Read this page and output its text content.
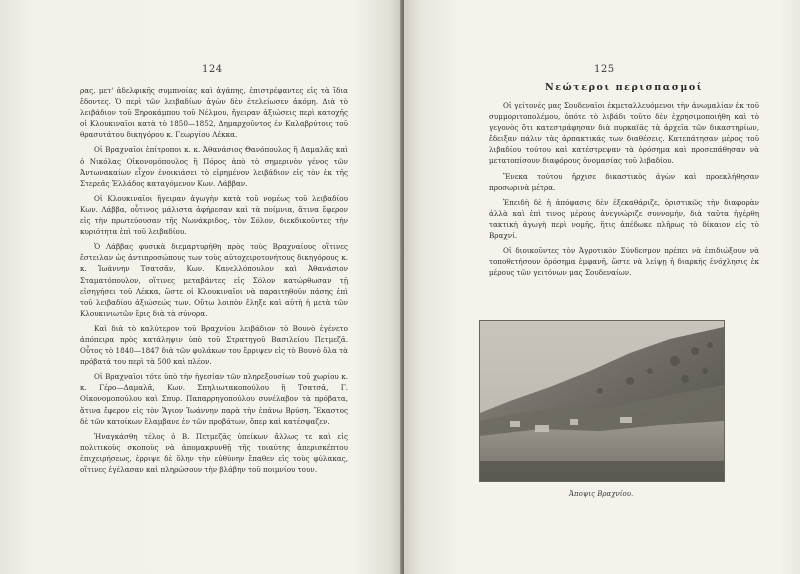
124

ρας, μετ' ἀδελφικῆς συμπνοίας καὶ ἀγάπης, ἐπιστρέφαντες εἰς τὰ ἴδια ἔδοντες. Ὁ περὶ τῶν λειβαδίων ἀγὼν δὲν ἐτελείωσεν ἀκόμη. Διὰ τὸ λειβάδιον τοῦ Ξηροκάμπου τοῦ Νέλμου, ἤγειραν ἀξιώσεις περὶ κατοχῆς οἱ Κλουκιναῖοι κατὰ τὸ 1850—1852, Δημαρχοῦντος ἐν Καλαβρύτοις τοῦ θρασυτάτου δικηγόρου κ. Γεωργίου Λέκκα.

Οἱ Βραχναῖοι ἐπίτροποι κ. κ. Ἀθανάσιος Θανόπουλος ἢ Δαμαλᾶς καὶ ὁ Νικόλας Οἰκονομόπουλος ἢ Πόρος ἀπὸ τὸ σημερινὸν γένος τῶν Ἀντωνακαίων εἶχον ἐνοικιάσει τὸ εἰρημένον λειβάδιον εἰς τὸν ἐκ τῆς Στερεᾶς Ἑλλάδος καταγόμενον Κων. Λάββαν.

Οἱ Κλουκιναῖοι ἤγειραν ἀγωγὴν κατὰ τοῦ νομέως τοῦ λειβαδίου Κων. Λάββα, οὗτινος μάλιστα ἀφήρεσαν καὶ τὰ ποίμνια, ἅτινα ἔφερον εἰς τὴν πρωτεύουσαν τῆς Νωνάκριδος, τὸν Σόλον, διεκδικοῦντες τὴν κυριότητα ἐπὶ τοῦ λειβαδίου.

Ὁ Λάββας φυσικὰ διεμαρτυρήθη πρὸς τοὺς Βραχναίους οἵτινες ἔστειλαν ὡς ἀντιπροσώπους των τοὺς αὐτοχειροτονήτους δικηγόρους κ. κ. Ἰωάννην Τσατσᾶν, Κων. Κανελλόπουλον καὶ Ἀθανάσιον Σταματόπουλον, οἵτινες μεταβάντες εἰς Σόλον κατώρθωσαν τῇ εἰσηγήσει τοῦ Λέκκα, ὥστε οἱ Κλουκιναῖοι νὰ παραιτηθοῦν πάσης ἐπὶ τοῦ λειβαδίου ἀξιώσεώς των. Οὕτω λοιπὸν ἔληξε καὶ αὐτὴ ἡ μετὰ τῶν Κλουκινιωτῶν ἔρις διὰ τὰ σύνορα.

Καὶ διὰ τὸ καλύτερον τοῦ Βραχνίου λειβάδιον τὸ Βουνὸ ἐγένετο ἀπόπειρα πρὸς κατάληψιν ὑπὸ τοῦ Στρατηγοῦ Βασιλείου Πετμεζᾶ. Οὗτος τὸ 1840—1847 διὰ τῶν φυλάκων του ἔρριψεν εἰς τὸ Βουνὸ ὅλα τὰ πρόβατά του περὶ τὰ 500 καὶ πλέον.

Οἱ Βραχναῖοι τότε ὑπὸ τὴν ἡγεσίαν τῶν πληρεξουσίων τοῦ χωρίου κ. κ. Γέρο—Δαμαλᾶ, Κων. Σπηλιωτακοπούλου ἢ Τσατσᾶ, Γ. Οἰκονομοπούλου καὶ Σπυρ. Παπαρρηγοπούλου συνέλαβον τὰ πρόβατα, ἅτινα ἔφερον εἰς τὸν Ἅγιον Ἰωάννην παρὰ τὴν ἐπάνω Βρύση. Ἕκαστος δὲ τῶν κατοίκων ἔλαμβανε ἐν τῶν προβάτων, ὅπερ καὶ κατέσφαζεν.

Ἠναγκάσθη τέλος ὁ Β. Πετμεζᾶς ὑπείκων ἄλλως τε καὶ εἰς πολιτικοὺς σκοποὺς νὰ ἀπομακρυνθῇ τῆς τοιαύτης ἀπερισκέπτου ἐπιχειρήσεως, ἐρριψε δὲ ὅλην τὴν εὐθύνην ἔπαθεν εἰς τοὺς φύλακας, οἵτινες ἐγέλασαν καὶ πληρώσουν τὴν βλάβην τοῦ ποιμνίου τουν.

125
Νεώτεροι περισπασμοί

Οἱ γείτονές μας Σουδεναῖοι ἐκμεταλλευόμενοι τὴν ἀνωμαλίαν ἐκ τοῦ συμμοριτοπολέμου, ὁπότε τὸ λιβάδι τοῦτο δὲν ἐχρησιμοποιήθη καὶ τὸ γεγονὸς ὅτι κατεστράφησαν διὰ πυρκαϊᾶς τὰ ἀρχεῖα τῶν δικαστηρίων, ἔδειξαν πάλιν τὰς ἁρπακτικάς των διαθέσεις. Κατεπάτησαν μέρος τοῦ λιβαδίου τούτου καὶ κατέστρεψαν τὰ ὁρόσημα καὶ προσεπάθησαν νὰ μετατοπίσουν διαφόρους ὀνομασίας τοῦ λιβαδίου.

Ἕνεκα τούτου ἤρχισε δικαστικὸς ἀγὼν καὶ προεκλήθησαν προσωρινὰ μέτρα.

Ἐπειδὴ δὲ ἡ ἀπόφασις δὲν ἐξεκαθάριζε, ὁριστικῶς τὴν διαφορὰν ἀλλὰ καὶ ἐπὶ τινος μέρους ἀνεγνώριζε συννομήν, διὰ ταῦτα ἠγέρθη τακτικὴ ἀγωγὴ περὶ νομῆς, ἥτις ἀπέδωκε πλῆρως τὸ δίκαιον εἰς τὸ Βραχνί.

Οἱ διοικοῦντες τὸν Ἀγροτικὸν Σύνδεσμον πρέπει νὰ ἐπιδιώξουν νὰ τοποθετήσουν ὁρόσημα ἐμφανῆ, ὥστε νὰ λείψῃ ἡ διαρκὴς ἐνόχλησις ἐκ μέρους τῶν γειτόνων μας Σουδεναίων.

Ἀποψις Βραχνίου.
